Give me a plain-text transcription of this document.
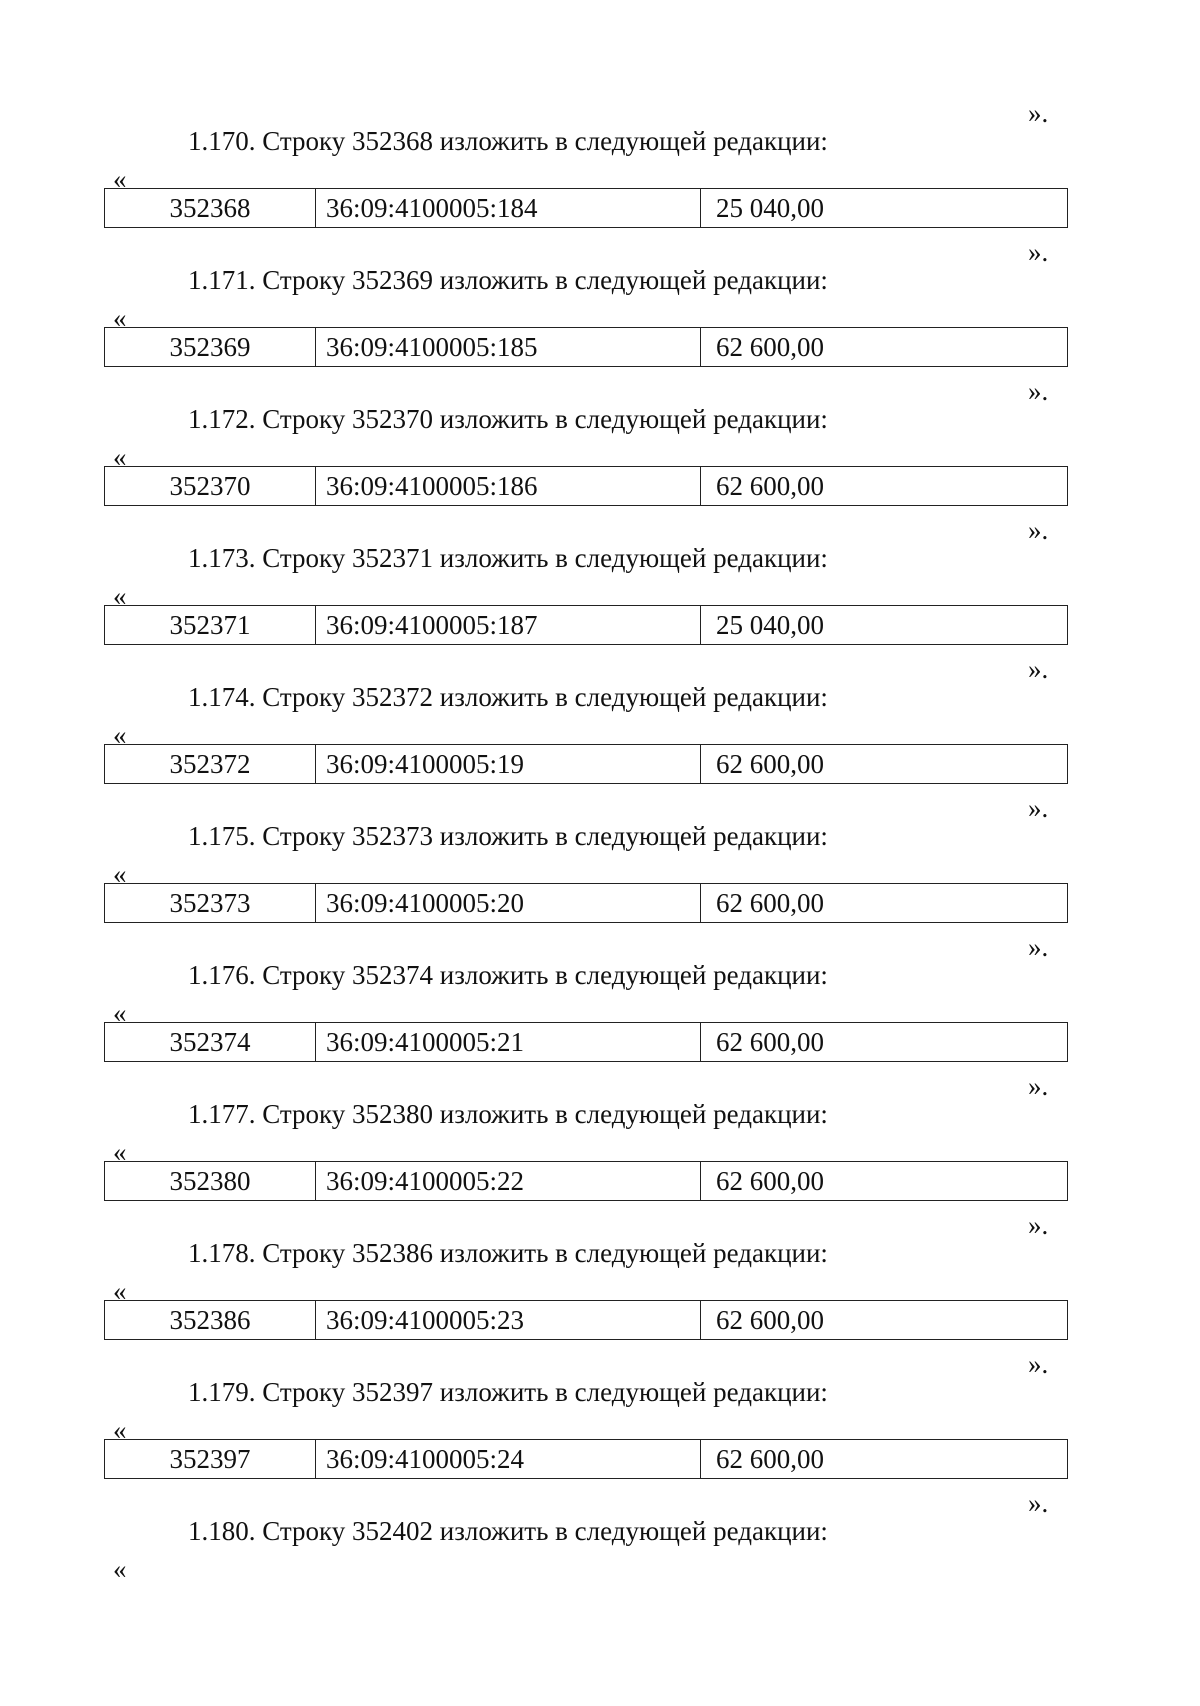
».
1.170. Строку 352368 изложить в следующей редакции:
«
352368	36:09:4100005:184	25 040,00
».
1.171. Строку 352369 изложить в следующей редакции:
«
352369	36:09:4100005:185	62 600,00
».
1.172. Строку 352370 изложить в следующей редакции:
«
352370	36:09:4100005:186	62 600,00
».
1.173. Строку 352371 изложить в следующей редакции:
«
352371	36:09:4100005:187	25 040,00
».
1.174. Строку 352372 изложить в следующей редакции:
«
352372	36:09:4100005:19	62 600,00
».
1.175. Строку 352373 изложить в следующей редакции:
«
352373	36:09:4100005:20	62 600,00
».
1.176. Строку 352374 изложить в следующей редакции:
«
352374	36:09:4100005:21	62 600,00
».
1.177. Строку 352380 изложить в следующей редакции:
«
352380	36:09:4100005:22	62 600,00
».
1.178. Строку 352386 изложить в следующей редакции:
«
352386	36:09:4100005:23	62 600,00
».
1.179. Строку 352397 изложить в следующей редакции:
«
352397	36:09:4100005:24	62 600,00
».
1.180. Строку 352402 изложить в следующей редакции:
«
